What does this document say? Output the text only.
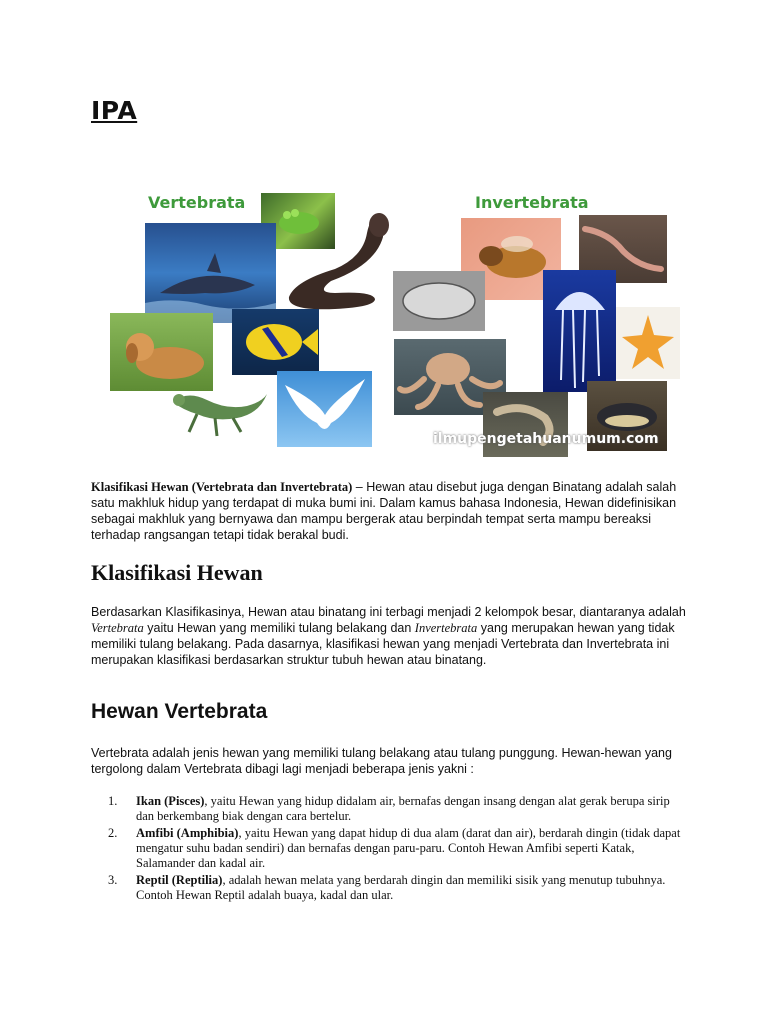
IPA

Vertebrata	Invertebrata

ilmupengetahuanumum.com

Klasifikasi Hewan (Vertebrata dan Invertebrata) – Hewan atau disebut juga dengan Binatang adalah salah satu makhluk hidup yang terdapat di muka bumi ini. Dalam kamus bahasa Indonesia, Hewan didefinisikan sebagai makhluk yang bernyawa dan mampu bergerak atau berpindah tempat serta mampu bereaksi terhadap rangsangan tetapi tidak berakal budi.

Klasifikasi Hewan

Berdasarkan Klasifikasinya, Hewan atau binatang ini terbagi menjadi 2 kelompok besar, diantaranya adalah Vertebrata yaitu Hewan yang memiliki tulang belakang dan Invertebrata yang merupakan hewan yang tidak memiliki tulang belakang. Pada dasarnya, klasifikasi hewan yang menjadi Vertebrata dan Invertebrata ini merupakan klasifikasi berdasarkan struktur tubuh hewan atau binatang.

Hewan Vertebrata

Vertebrata adalah jenis hewan yang memiliki tulang belakang atau tulang punggung. Hewan-hewan yang tergolong dalam Vertebrata dibagi lagi menjadi beberapa jenis yakni :

1. Ikan (Pisces), yaitu Hewan yang hidup didalam air, bernafas dengan insang dengan alat gerak berupa sirip dan berkembang biak dengan cara bertelur.
2. Amfibi (Amphibia), yaitu Hewan yang dapat hidup di dua alam (darat dan air), berdarah dingin (tidak dapat mengatur suhu badan sendiri) dan bernafas dengan paru-paru. Contoh Hewan Amfibi seperti Katak, Salamander dan kadal air.
3. Reptil (Reptilia), adalah hewan melata yang berdarah dingin dan memiliki sisik yang menutup tubuhnya. Contoh Hewan Reptil adalah buaya, kadal dan ular.
